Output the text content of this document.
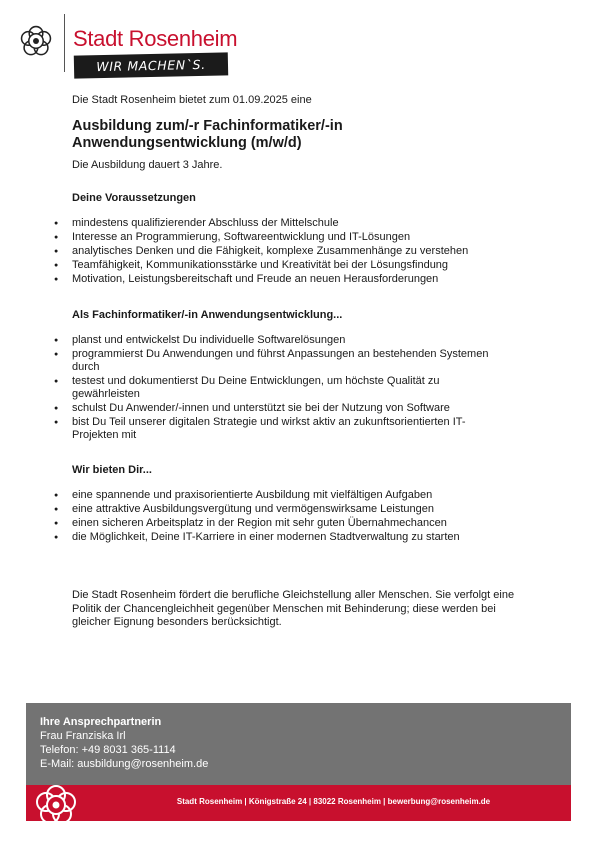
Stadt Rosenheim
WIR MACHEN`S.

Die Stadt Rosenheim bietet zum 01.09.2025 eine

Ausbildung zum/-r Fachinformatiker/-in Anwendungsentwicklung (m/w/d)

Die Ausbildung dauert 3 Jahre.

Deine Voraussetzungen
● mindestens qualifizierender Abschluss der Mittelschule
● Interesse an Programmierung, Softwareentwicklung und IT-Lösungen
● analytisches Denken und die Fähigkeit, komplexe Zusammenhänge zu verstehen
● Teamfähigkeit, Kommunikationsstärke und Kreativität bei der Lösungsfindung
● Motivation, Leistungsbereitschaft und Freude an neuen Herausforderungen
Als Fachinformatiker/-in Anwendungsentwicklung...
● planst und entwickelst Du individuelle Softwarelösungen
● programmierst Du Anwendungen und führst Anpassungen an bestehenden Systemen durch
● testest und dokumentierst Du Deine Entwicklungen, um höchste Qualität zu gewährleisten
● schulst Du Anwender/-innen und unterstützt sie bei der Nutzung von Software
● bist Du Teil unserer digitalen Strategie und wirkst aktiv an zukunftsorientierten IT-Projekten mit
Wir bieten Dir...
● eine spannende und praxisorientierte Ausbildung mit vielfältigen Aufgaben
● eine attraktive Ausbildungsvergütung und vermögenswirksame Leistungen
● einen sicheren Arbeitsplatz in der Region mit sehr guten Übernahmechancen
● die Möglichkeit, Deine IT-Karriere in einer modernen Stadtverwaltung zu starten

Die Stadt Rosenheim fördert die berufliche Gleichstellung aller Menschen. Sie verfolgt eine Politik der Chancengleichheit gegenüber Menschen mit Behinderung; diese werden bei gleicher Eignung besonders berücksichtigt.

Ihre Ansprechpartnerin
Frau Franziska Irl
Telefon: +49 8031 365-1114
E-Mail: ausbildung@rosenheim.de
Stadt Rosenheim | Königstraße 24 | 83022 Rosenheim | bewerbung@rosenheim.de
